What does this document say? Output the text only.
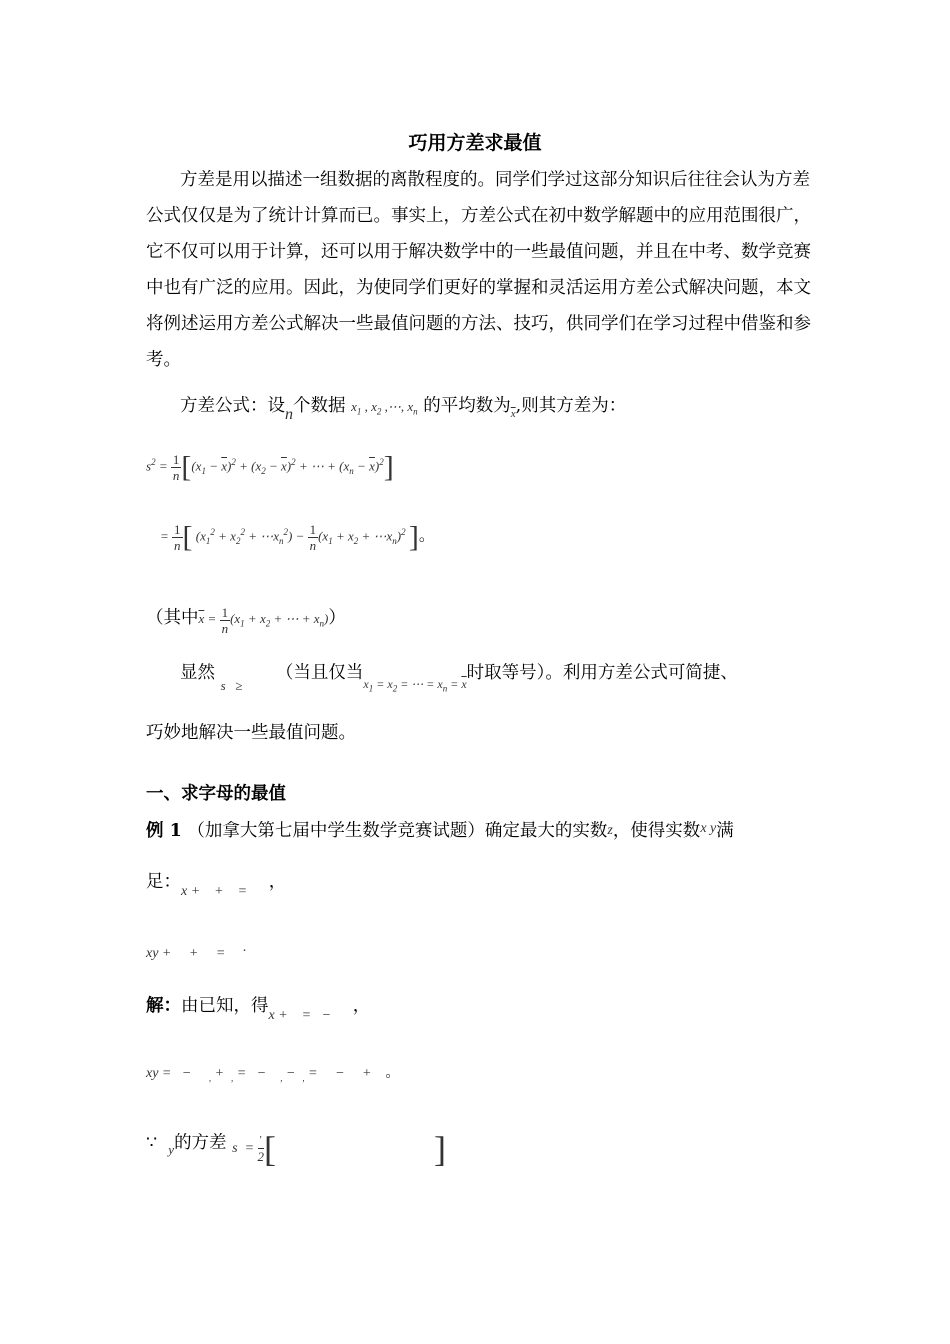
巧用方差求最值
方差是用以描述一组数据的离散程度的。同学们学过这部分知识后往往会认为方差公式仅仅是为了统计计算而已。事实上，方差公式在初中数学解题中的应用范围很广，它不仅可以用于计算，还可以用于解决数学中的一些最值问题，并且在中考、数学竞赛中也有广泛的应用。因此，为使同学们更好的掌握和灵活运用方差公式解决问题，本文将例述运用方差公式解决一些最值问题的方法、技巧，供同学们在学习过程中借鉴和参考。
方差公式：设n个数据 $x_1$ , $x_2$ ,⋯, $x_n$ 的平均数为$_{\overline{x}}$,则其方差为：
$s^2 = \frac{1}{n} [(x_1 - \overline{x})^2 + (x_2 - \overline{x})^2$ + ⋯ + $(x_n - \overline{x})^2$]
= $\frac{1}{n}$ [ ($x_1^2 + x_2^2$ + $\cdots x_n^2) - \frac{1}{n} (x_1 + x_2$ + $\cdots x_n)^2$ ]。
（其中$\overline{x} = \frac{1}{n} (x_1 + x_2$ + ⋯ + $x_n$)）
显然 $_{s \ge}$      （当且仅当$_{x_1 = x_2 = \cdots = x_n = \overline{x}}$时取等号）。利用方差公式可简捷、
巧妙地解决一些最值问题。
一、求字母的最值
例 1 （加拿大第七届中学生数学竞赛试题）确定最大的实数z，使得实数$^{x y}$满
足：$_{x + + =}$     ，
xy +     +     =     .
解：由已知，得$_{x + = -}$     ，
xy =   −     $_,$ +  $_,$ =   −    $_,$ −  $_,$ =     −     +    。
∵ $_y$的方差 $_{s = \frac{'}{2} [ ]}$
